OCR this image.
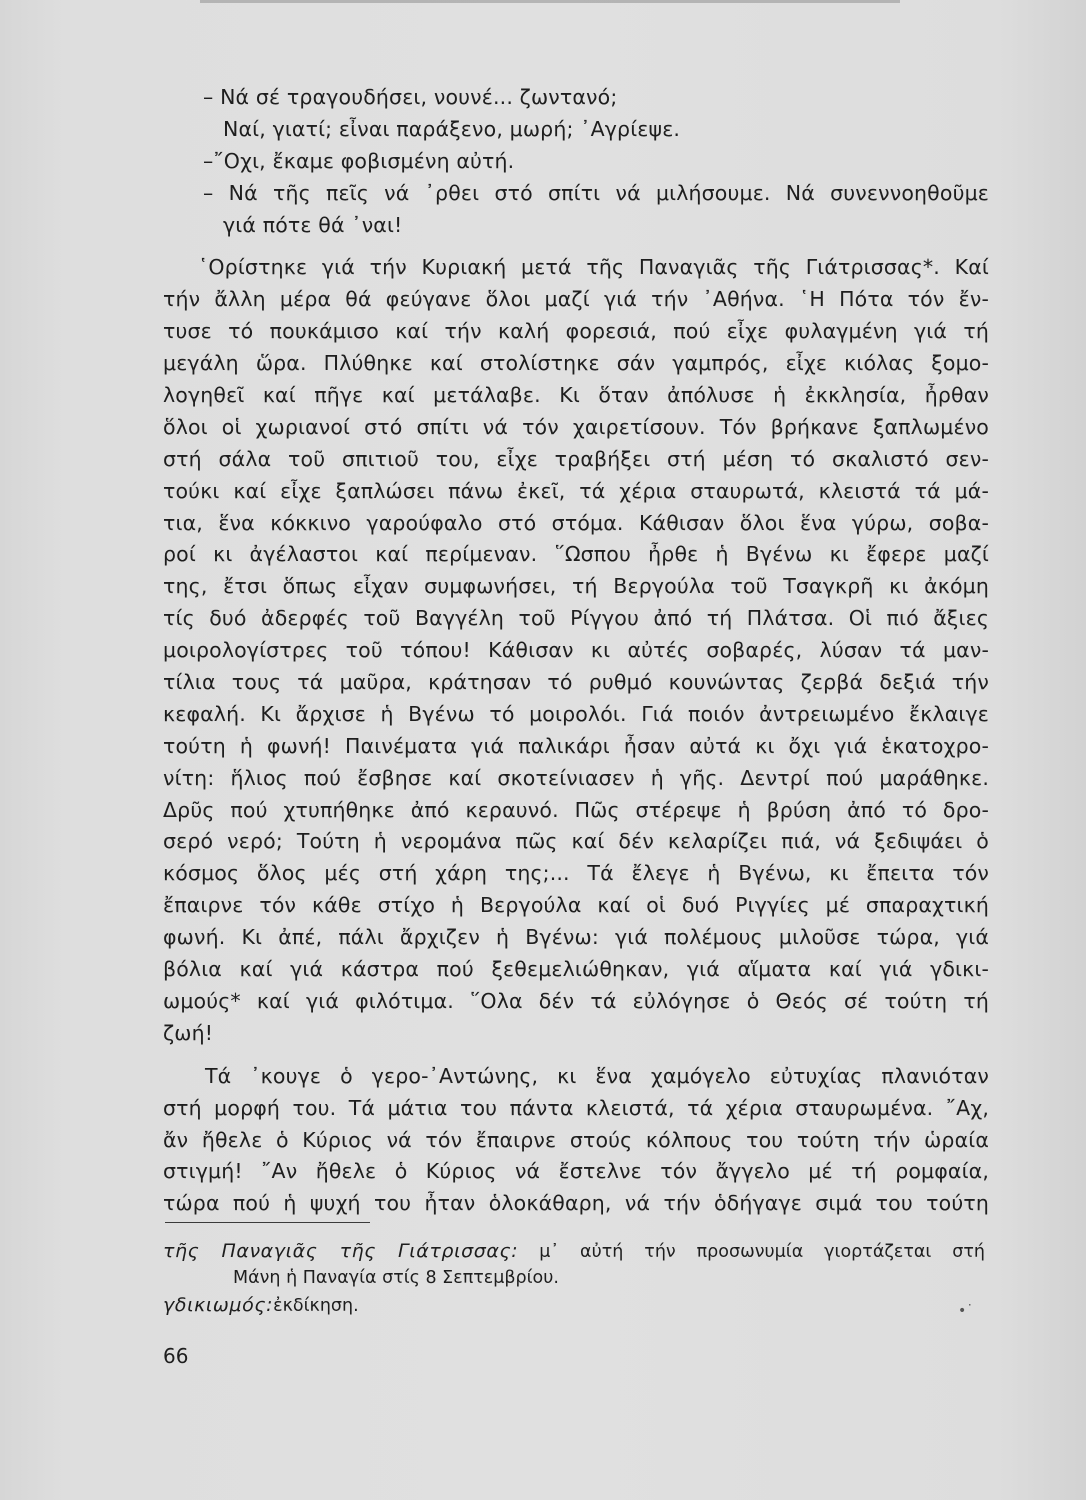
– Νά σέ τραγουδήσει, νουνέ... ζωντανό;
Ναί, γιατί; εἶναι παράξενο, μωρή; ᾿Αγρίεψε.
–῎Οχι, ἔκαμε φοβισμένη αὐτή.
– Νά τῆς πεῖς νά ᾽ρθει στό σπίτι νά μιλήσουμε. Νά συνεννοηθοῦμε
γιά πότε θά ᾽ναι!
῾Ορίστηκε γιά τήν Κυριακή μετά τῆς Παναγιᾶς τῆς Γιάτρισσας*. Καί
τήν ἄλλη μέρα θά φεύγανε ὅλοι μαζί γιά τήν ᾿Αθήνα. ῾Η Πότα τόν ἔν-
τυσε τό πουκάμισο καί τήν καλή φορεσιά, πού εἶχε φυλαγμένη γιά τή
μεγάλη ὥρα. Πλύθηκε καί στολίστηκε σάν γαμπρός, εἶχε κιόλας ξομο-
λογηθεῖ καί πῆγε καί μετάλαβε. Κι ὅταν ἀπόλυσε ἡ ἐκκλησία, ἦρθαν
ὅλοι οἱ χωριανοί στό σπίτι νά τόν χαιρετίσουν. Τόν βρήκανε ξαπλωμένο
στή σάλα τοῦ σπιτιοῦ του, εἶχε τραβήξει στή μέση τό σκαλιστό σεν-
τούκι καί εἶχε ξαπλώσει πάνω ἐκεῖ, τά χέρια σταυρωτά, κλειστά τά μά-
τια, ἕνα κόκκινο γαρούφαλο στό στόμα. Κάθισαν ὅλοι ἕνα γύρω, σοβα-
ροί κι ἀγέλαστοι καί περίμεναν. ῞Ωσπου ἦρθε ἡ Βγένω κι ἔφερε μαζί
της, ἔτσι ὅπως εἶχαν συμφωνήσει, τή Βεργούλα τοῦ Τσαγκρῆ κι ἀκόμη
τίς δυό ἀδερφές τοῦ Βαγγέλη τοῦ Ρίγγου ἀπό τή Πλάτσα. Οἱ πιό ἄξιες
μοιρολογίστρες τοῦ τόπου! Κάθισαν κι αὐτές σοβαρές, λύσαν τά μαν-
τίλια τους τά μαῦρα, κράτησαν τό ρυθμό κουνώντας ζερβά δεξιά τήν
κεφαλή. Κι ἄρχισε ἡ Βγένω τό μοιρολόι. Γιά ποιόν ἀντρειωμένο ἔκλαιγε
τούτη ἡ φωνή! Παινέματα γιά παλικάρι ἦσαν αὐτά κι ὄχι γιά ἑκατοχρο-
νίτη: ἥλιος πού ἔσβησε καί σκοτείνιασεν ἡ γῆς. Δεντρί πού μαράθηκε.
Δρῦς πού χτυπήθηκε ἀπό κεραυνό. Πῶς στέρεψε ἡ βρύση ἀπό τό δρο-
σερό νερό; Τούτη ἡ νερομάνα πῶς καί δέν κελαρίζει πιά, νά ξεδιψάει ὁ
κόσμος ὅλος μές στή χάρη της;... Τά ἔλεγε ἡ Βγένω, κι ἔπειτα τόν
ἔπαιρνε τόν κάθε στίχο ἡ Βεργούλα καί οἱ δυό Ριγγίες μέ σπαραχτική
φωνή. Κι ἀπέ, πάλι ἄρχιζεν ἡ Βγένω: γιά πολέμους μιλοῦσε τώρα, γιά
βόλια καί γιά κάστρα πού ξεθεμελιώθηκαν, γιά αἵματα καί γιά γδικι-
ωμούς* καί γιά φιλότιμα. ῞Ολα δέν τά εὐλόγησε ὁ Θεός σέ τούτη τή
ζωή!
Τά ᾽κουγε ὁ γερο-᾿Αντώνης, κι ἕνα χαμόγελο εὐτυχίας πλανιόταν
στή μορφή του. Τά μάτια του πάντα κλειστά, τά χέρια σταυρωμένα. ῎Αχ,
ἄν ἤθελε ὁ Κύριος νά τόν ἔπαιρνε στούς κόλπους του τούτη τήν ὡραία
στιγμή! ῎Αν ἤθελε ὁ Κύριος νά ἔστελνε τόν ἄγγελο μέ τή ρομφαία,
τώρα πού ἡ ψυχή του ἦταν ὁλοκάθαρη, νά τήν ὁδήγαγε σιμά του τούτη
τῆς Παναγιᾶς τῆς Γιάτρισσας: μ᾽ αὐτή τήν προσωνυμία γιορτάζεται στή
Μάνη ἡ Παναγία στίς 8 Σεπτεμβρίου.
γδικιωμός:ἐκδίκηση.
66
•˙
